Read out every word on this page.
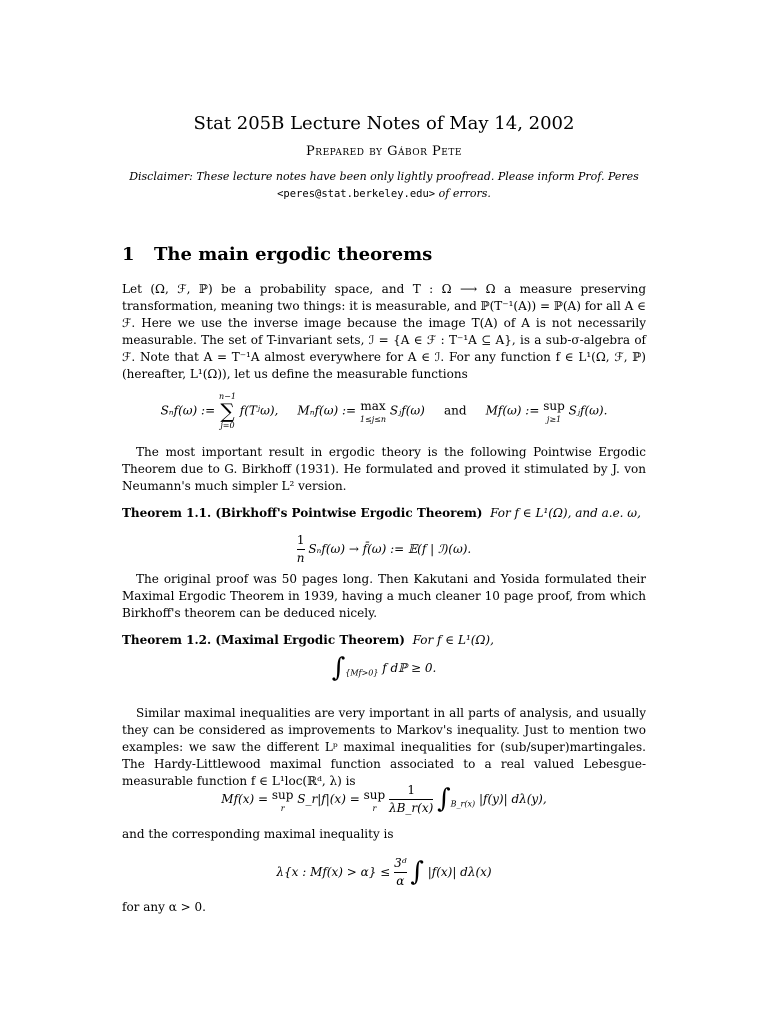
Stat 205B Lecture Notes of May 14, 2002
Prepared by Gábor Pete
Disclaimer: These lecture notes have been only lightly proofread. Please inform Prof. Peres
<peres@stat.berkeley.edu> of errors.
1 The main ergodic theorems
Let (Ω, ℱ, ℙ) be a probability space, and T : Ω ⟶ Ω a measure preserving transformation, meaning two things: it is measurable, and ℙ(T⁻¹(A)) = ℙ(A) for all A ∈ ℱ. Here we use the inverse image because the image T(A) of A is not necessarily measurable. The set of T-invariant sets, ℐ = {A ∈ ℱ : T⁻¹A ⊆ A}, is a sub-σ-algebra of ℱ. Note that A = T⁻¹A almost everywhere for A ∈ ℐ. For any function f ∈ L¹(Ω, ℱ, ℙ) (hereafter, L¹(Ω)), let us define the measurable functions
Sₙf(ω) :=
n−1
∑
j=0
f(Tʲω), Mₙf(ω) := max
1≤j≤n
Sⱼf(ω) and Mf(ω) := sup
j≥1
Sⱼf(ω).
The most important result in ergodic theory is the following Pointwise Ergodic Theorem due to G. Birkhoff (1931). He formulated and proved it stimulated by J. von Neumann's much simpler L² version.
Theorem 1.1. (Birkhoff's Pointwise Ergodic Theorem) For f ∈ L¹(Ω), and a.e. ω,
$\frac{1}{n} S_nf(\omega)$ → f̄(ω) := 𝔼(f | ℐ)(ω).
The original proof was 50 pages long. Then Kakutani and Yosida formulated their Maximal Ergodic Theorem in 1939, having a much cleaner 10 page proof, from which Birkhoff's theorem can be deduced nicely.
Theorem 1.2. (Maximal Ergodic Theorem) For f ∈ L¹(Ω),
$\int_{\{Mf>0\}}$ f dℙ ≥ 0.
Similar maximal inequalities are very important in all parts of analysis, and usually they can be considered as improvements to Markov's inequality. Just to mention two examples: we saw the different Lᵖ maximal inequalities for (sub/super)martingales. The Hardy-Littlewood maximal function associated to a real valued Lebesgue-measurable function f ∈ L¹loc(ℝᵈ, λ) is
Mf(x) = sup
r
S_r|f|(x) = sup
r
	$\frac{1}{\lambda B\_r(x)} \int_{B\_r(x)}$ |f(y)| dλ(y),
and the corresponding maximal inequality is
λ{x : $Mf(x) > \alpha\} \le \frac{\text{3ᵈ}}{\alpha}$ ∫ |f(x)| dλ(x)
for any α > 0.
